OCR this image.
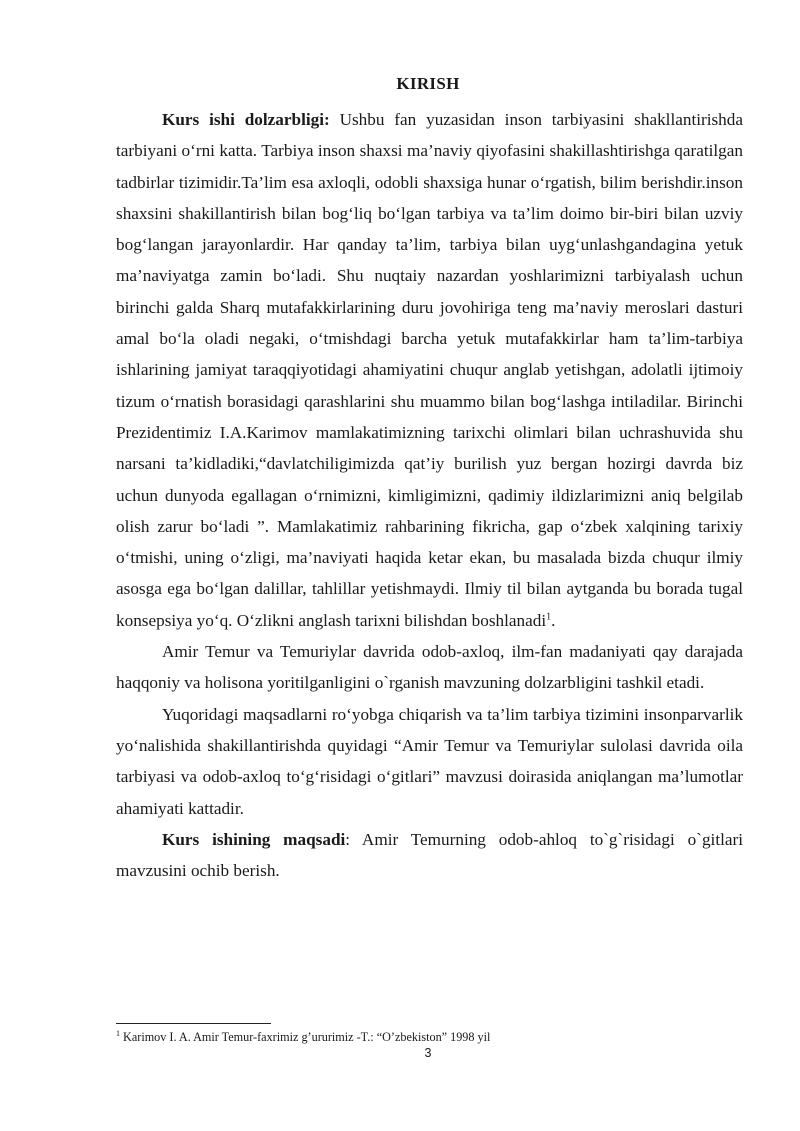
KIRISH

Kurs ishi dolzarbligi: Ushbu fan yuzasidan inson tarbiyasini shakllantirishda tarbiyani o‘rni katta. Tarbiya inson shaxsi ma’naviy qiyofasini shakillashtirishga qaratilgan tadbirlar tizimidir.Ta’lim esa axloqli, odobli shaxsiga hunar o‘rgatish, bilim berishdir.inson shaxsini shakillantirish bilan bog‘liq bo‘lgan tarbiya va ta’lim doimo bir-biri bilan uzviy bog‘langan jarayonlardir. Har qanday ta’lim, tarbiya bilan uyg‘unlashgandagina yetuk ma’naviyatga zamin bo‘ladi. Shu nuqtaiy nazardan yoshlarimizni tarbiyalash uchun birinchi galda Sharq mutafakkirlarining duru jovohiriga teng ma’naviy meroslari dasturi amal bo‘la oladi negaki, o‘tmishdagi barcha yetuk mutafakkirlar ham ta’lim-tarbiya ishlarining jamiyat taraqqiyotidagi ahamiyatini chuqur anglab yetishgan, adolatli ijtimoiy tizum o‘rnatish borasidagi qarashlarini shu muammo bilan bog‘lashga intiladilar. Birinchi Prezidentimiz I.A.Karimov mamlakatimizning tarixchi olimlari bilan uchrashuvida shu narsani ta’kidladiki,“davlatchiligimizda qat’iy burilish yuz bergan hozirgi davrda biz uchun dunyoda egallagan o‘rnimizni, kimligimizni, qadimiy ildizlarimizni aniq belgilab olish zarur bo‘ladi ”. Mamlakatimiz rahbarining fikricha, gap o‘zbek xalqining tarixiy o‘tmishi, uning o‘zligi, ma’naviyati haqida ketar ekan, bu masalada bizda chuqur ilmiy asosga ega bo‘lgan dalillar, tahlillar yetishmaydi. Ilmiy til bilan aytganda bu borada tugal konsepsiya yo‘q. O‘zlikni anglash tarixni bilishdan boshlanadi$^1$.

Amir Temur va Temuriylar davrida odob-axloq, ilm-fan madaniyati qay darajada haqqoniy va holisona yoritilganligini o`rganish mavzuning dolzarbligini tashkil etadi.

Yuqoridagi maqsadlarni ro‘yobga chiqarish va ta’lim tarbiya tizimini insonparvarlik yo‘nalishida shakillantirishda quyidagi “Amir Temur va Temuriylar sulolasi davrida oila tarbiyasi va odob-axloq to‘g‘risidagi o‘gitlari” mavzusi doirasida aniqlangan ma’lumotlar ahamiyati kattadir.

Kurs ishining maqsadi: Amir Temurning odob-ahloq to`g`risidagi o`gitlari mavzusini ochib berish.

$^1$ Karimov I. A. Amir Temur-faxrimiz g’ururimiz -T.: “O’zbekiston” 1998 yil
3
